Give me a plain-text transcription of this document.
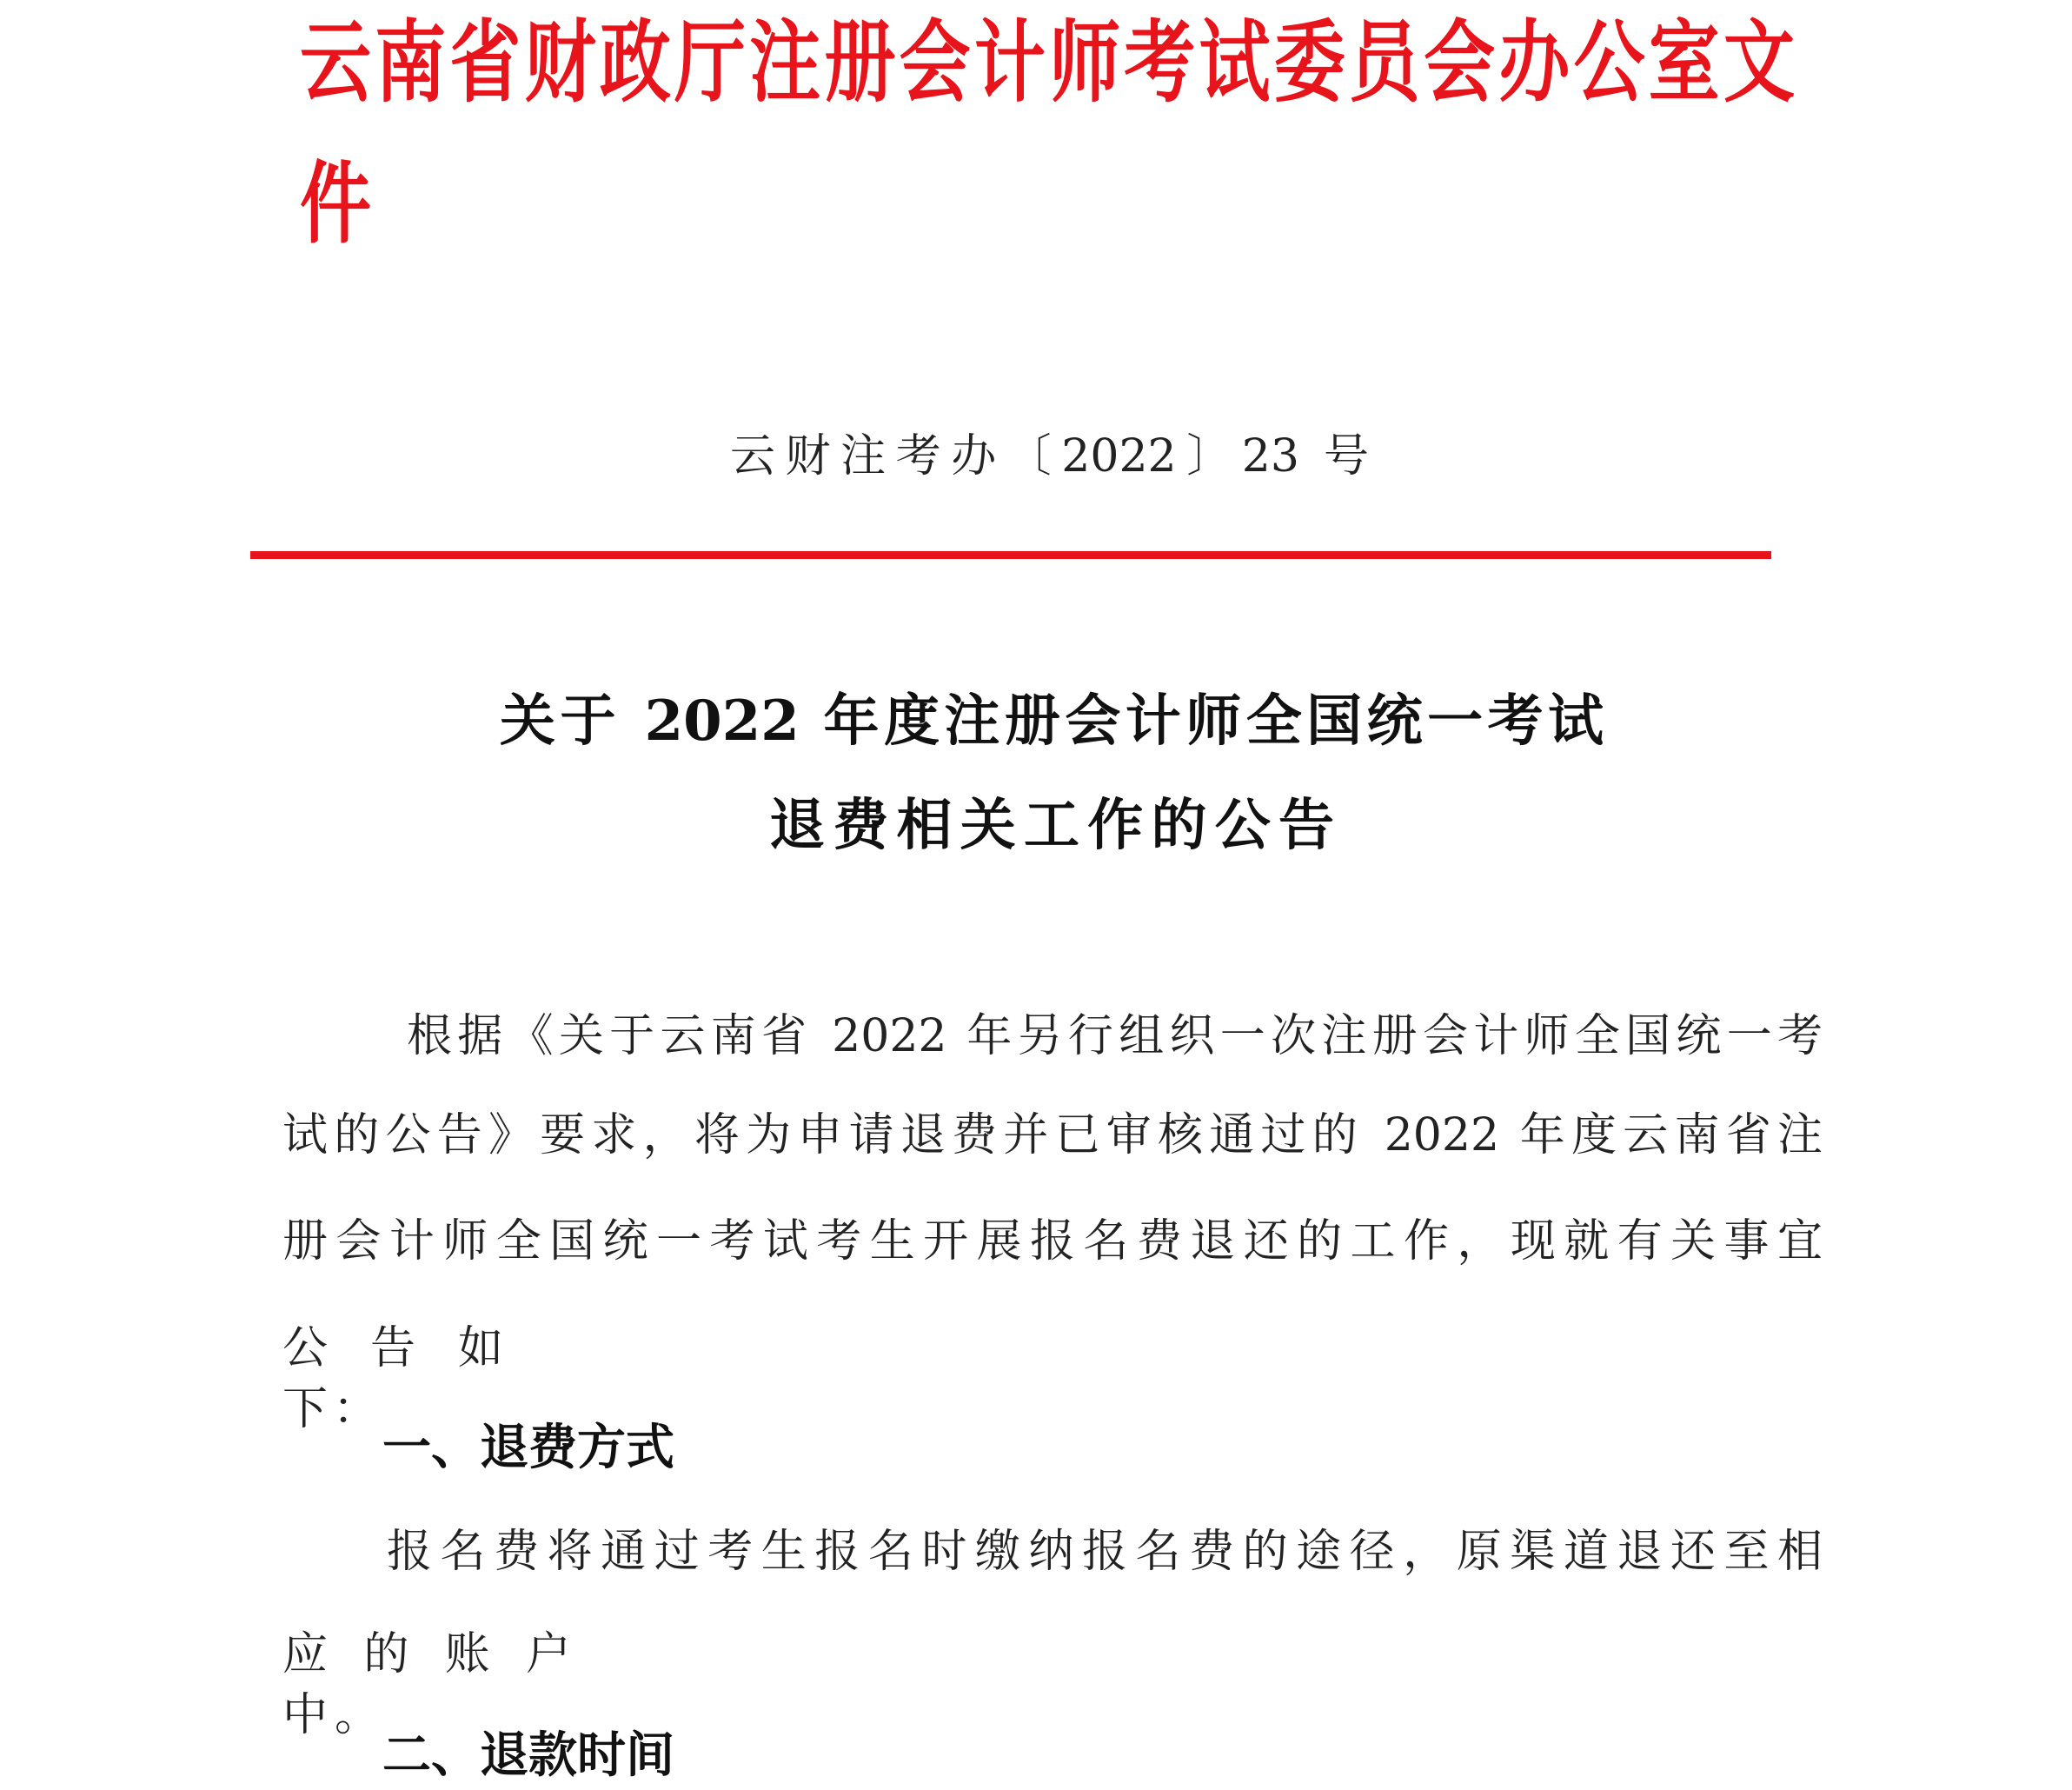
云南省财政厅注册会计师考试委员会办公室文件
云财注考办〔2022〕23 号
关于 2022 年度注册会计师全国统一考试
退费相关工作的公告
根据《关于云南省 2022 年另行组织一次注册会计师全国统一考
试的公告》要求，将为申请退费并已审核通过的 2022 年度云南省注
册会计师全国统一考试考生开展报名费退还的工作，现就有关事宜
公告如下：
一、退费方式
报名费将通过考生报名时缴纳报名费的途径，原渠道退还至相
应的账户中。
二、退款时间
